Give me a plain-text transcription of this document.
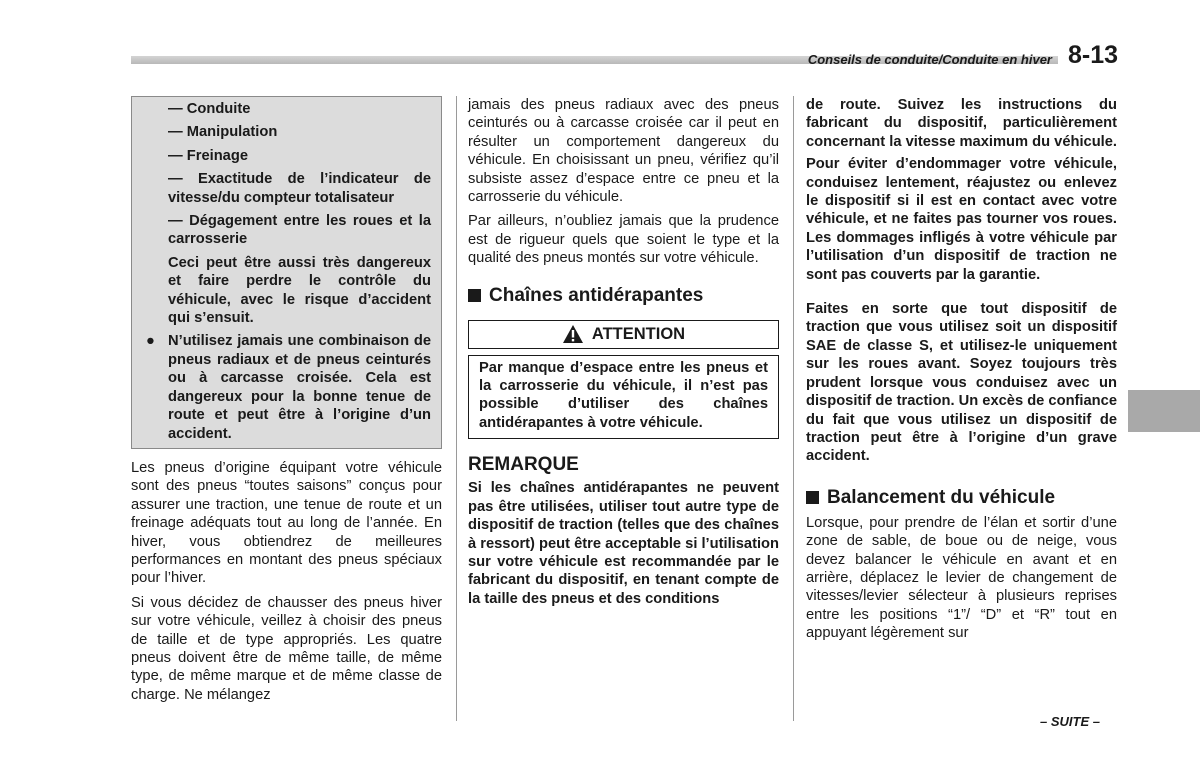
Conseils de conduite/Conduite en hiver 8-13
— Conduite
— Manipulation
— Freinage
— Exactitude de l’indicateur de vitesse/du compteur totalisateur
— Dégagement entre les roues et la carrosserie
Ceci peut être aussi très dangereux et faire perdre le contrôle du véhicule, avec le risque d’accident qui s’ensuit.
● N’utilisez jamais une combinaison de pneus radiaux et de pneus ceinturés ou à carcasse croisée. Cela est dangereux pour la bonne tenue de route et peut être à l’origine d’un accident.

Les pneus d’origine équipant votre véhicule sont des pneus “toutes saisons” conçus pour assurer une traction, une tenue de route et un freinage adéquats tout au long de l’année. En hiver, vous obtiendrez de meilleures performances en montant des pneus spéciaux pour l’hiver.

Si vous décidez de chausser des pneus hiver sur votre véhicule, veillez à choisir des pneus de taille et de type appropriés. Les quatre pneus doivent être de même taille, de même type, de même marque et de même classe de charge. Ne mélangez

jamais des pneus radiaux avec des pneus ceinturés ou à carcasse croisée car il peut en résulter un comportement dangereux du véhicule. En choisissant un pneu, vérifiez qu’il subsiste assez d’espace entre ce pneu et la carrosserie du véhicule.

Par ailleurs, n’oubliez jamais que la prudence est de rigueur quels que soient le type et la qualité des pneus montés sur votre véhicule.

Chaînes antidérapantes
ATTENTION
Par manque d’espace entre les pneus et la carrosserie du véhicule, il n’est pas possible d’utiliser des chaînes antidérapantes à votre véhicule.
REMARQUE

Si les chaînes antidérapantes ne peuvent pas être utilisées, utiliser tout autre type de dispositif de traction (telles que des chaînes à ressort) peut être acceptable si l’utilisation sur votre véhicule est recommandée par le fabricant du dispositif, en tenant compte de la taille des pneus et des conditions

de route. Suivez les instructions du fabricant du dispositif, particulièrement concernant la vitesse maximum du véhicule.

Pour éviter d’endommager votre véhicule, conduisez lentement, réajustez ou enlevez le dispositif si il est en contact avec votre véhicule, et ne faites pas tourner vos roues. Les dommages infligés à votre véhicule par l’utilisation d’un dispositif de traction ne sont pas couverts par la garantie.

Faites en sorte que tout dispositif de traction que vous utilisez soit un dispositif SAE de classe S, et utilisez-le uniquement sur les roues avant. Soyez toujours très prudent lorsque vous conduisez avec un dispositif de traction. Un excès de confiance du fait que vous utilisez un dispositif de traction peut être à l’origine d’un grave accident.

Balancement du véhicule

Lorsque, pour prendre de l’élan et sortir d’une zone de sable, de boue ou de neige, vous devez balancer le véhicule en avant et en arrière, déplacez le levier de changement de vitesses/levier sélecteur à plusieurs reprises entre les positions “1”/ “D” et “R” tout en appuyant légèrement sur

– SUITE –
